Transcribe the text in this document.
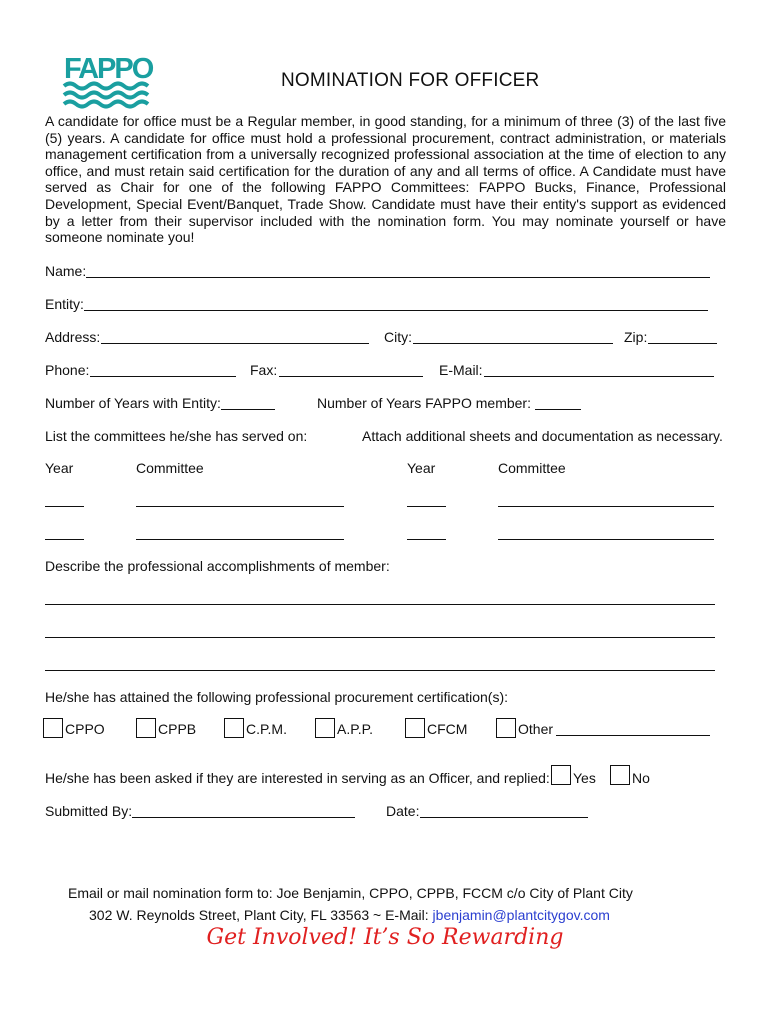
FAPPO	NOMINATION FOR OFFICER
A candidate for office must be a Regular member, in good standing, for a minimum of three (3) of the last five (5) years. A candidate for office must hold a professional procurement, contract administration, or materials management certification from a universally recognized professional association at the time of election to any office, and must retain said certification for the duration of any and all terms of office. A Candidate must have served as Chair for one of the following FAPPO Committees: FAPPO Bucks, Finance, Professional Development, Special Event/Banquet, Trade Show. Candidate must have their entity's support as evidenced by a letter from their supervisor included with the nomination form. You may nominate yourself or have someone nominate you!
Name:
Entity:
Address:	City:	Zip:
Phone:	Fax:	E-Mail:
Number of Years with Entity:	Number of Years FAPPO member:
List the committees he/she has served on:	Attach additional sheets and documentation as necessary.
Year	Committee	Year	Committee
Describe the professional accomplishments of member:
He/she has attained the following professional procurement certification(s):
CPPO	CPPB	C.P.M.	A.P.P.	CFCM	Other
He/she has been asked if they are interested in serving as an Officer, and replied: Yes	No
Submitted By:	Date:
Email or mail nomination form to: Joe Benjamin, CPPO, CPPB, FCCM c/o City of Plant City
302 W. Reynolds Street, Plant City, FL 33563 ~ E-Mail: jbenjamin@plantcitygov.com
Get Involved! It’s So Rewarding
